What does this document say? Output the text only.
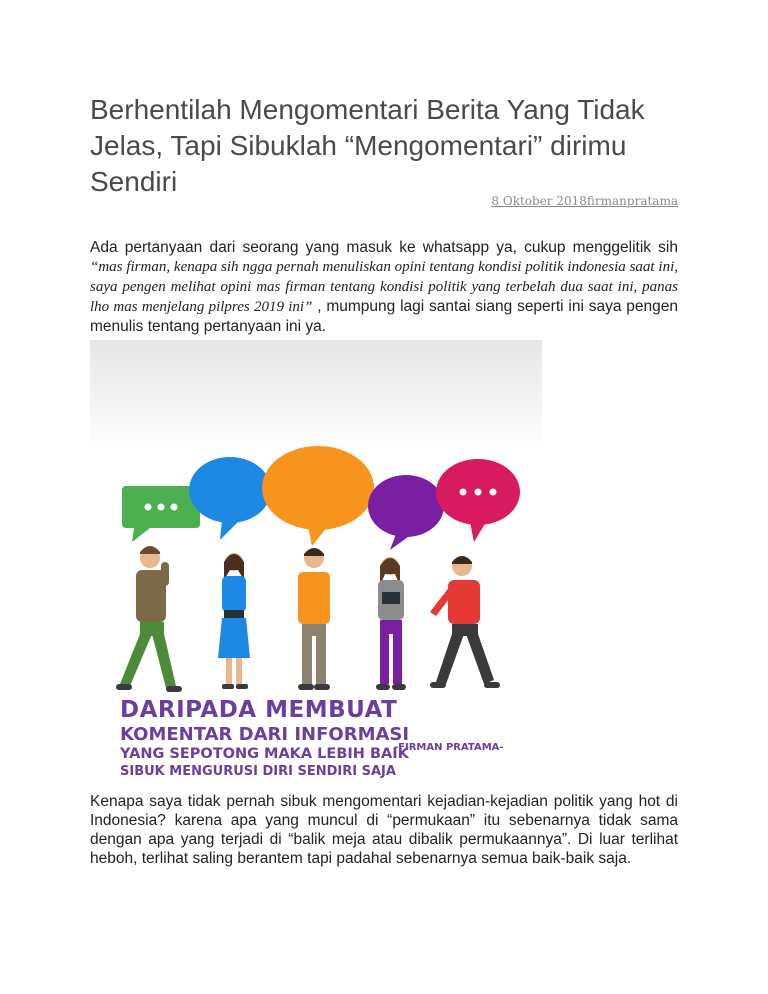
Berhentilah Mengomentari Berita Yang Tidak Jelas, Tapi Sibuklah “Mengomentari” dirimu Sendiri
8 Oktober 2018firmanpratama

Ada pertanyaan dari seorang yang masuk ke whatsapp ya, cukup menggelitik sih “mas firman, kenapa sih ngga pernah menuliskan opini tentang kondisi politik indonesia saat ini, saya pengen melihat opini mas firman tentang kondisi politik yang terbelah dua saat ini, panas lho mas menjelang pilpres 2019 ini” , mumpung lagi santai siang seperti ini saya pengen menulis tentang pertanyaan ini ya.

DARIPADA MEMBUAT
KOMENTAR DARI INFORMASI
YANG SEPOTONG MAKA LEBIH BAIK
SIBUK MENGURUSI DIRI SENDIRI SAJA
-FIRMAN PRATAMA-

Kenapa saya tidak pernah sibuk mengomentari kejadian-kejadian politik yang hot di Indonesia? karena apa yang muncul di “permukaan” itu sebenarnya tidak sama dengan apa yang terjadi di “balik meja atau dibalik permukaannya”. Di luar terlihat heboh, terlihat saling berantem tapi padahal sebenarnya semua baik-baik saja.
